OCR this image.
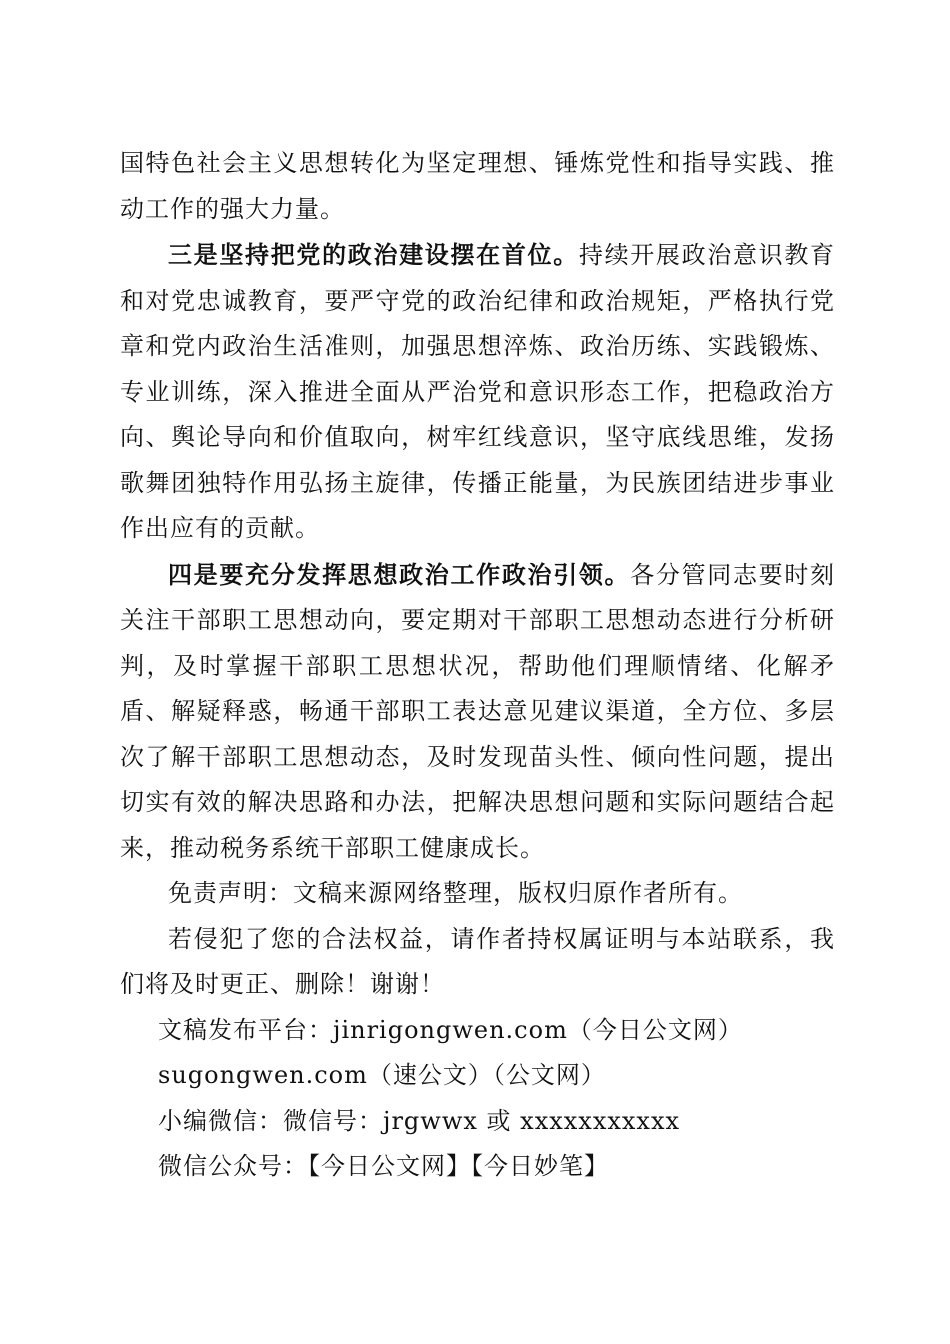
国特色社会主义思想转化为坚定理想、锤炼党性和指导实践、推动工作的强大力量。

三是坚持把党的政治建设摆在首位。持续开展政治意识教育和对党忠诚教育，要严守党的政治纪律和政治规矩，严格执行党章和党内政治生活准则，加强思想淬炼、政治历练、实践锻炼、专业训练，深入推进全面从严治党和意识形态工作，把稳政治方向、舆论导向和价值取向，树牢红线意识，坚守底线思维，发扬歌舞团独特作用弘扬主旋律，传播正能量，为民族团结进步事业作出应有的贡献。

四是要充分发挥思想政治工作政治引领。各分管同志要时刻关注干部职工思想动向，要定期对干部职工思想动态进行分析研判，及时掌握干部职工思想状况，帮助他们理顺情绪、化解矛盾、解疑释惑，畅通干部职工表达意见建议渠道，全方位、多层次了解干部职工思想动态，及时发现苗头性、倾向性问题，提出切实有效的解决思路和办法，把解决思想问题和实际问题结合起来，推动税务系统干部职工健康成长。

免责声明：文稿来源网络整理，版权归原作者所有。

若侵犯了您的合法权益，请作者持权属证明与本站联系，我们将及时更正、删除！谢谢！

文稿发布平台：jinrigongwen.com（今日公文网）

sugongwen.com（速公文）（公文网）

小编微信：微信号：jrgwwx 或 xxxxxxxxxxx

微信公众号：【今日公文网】【今日妙笔】
